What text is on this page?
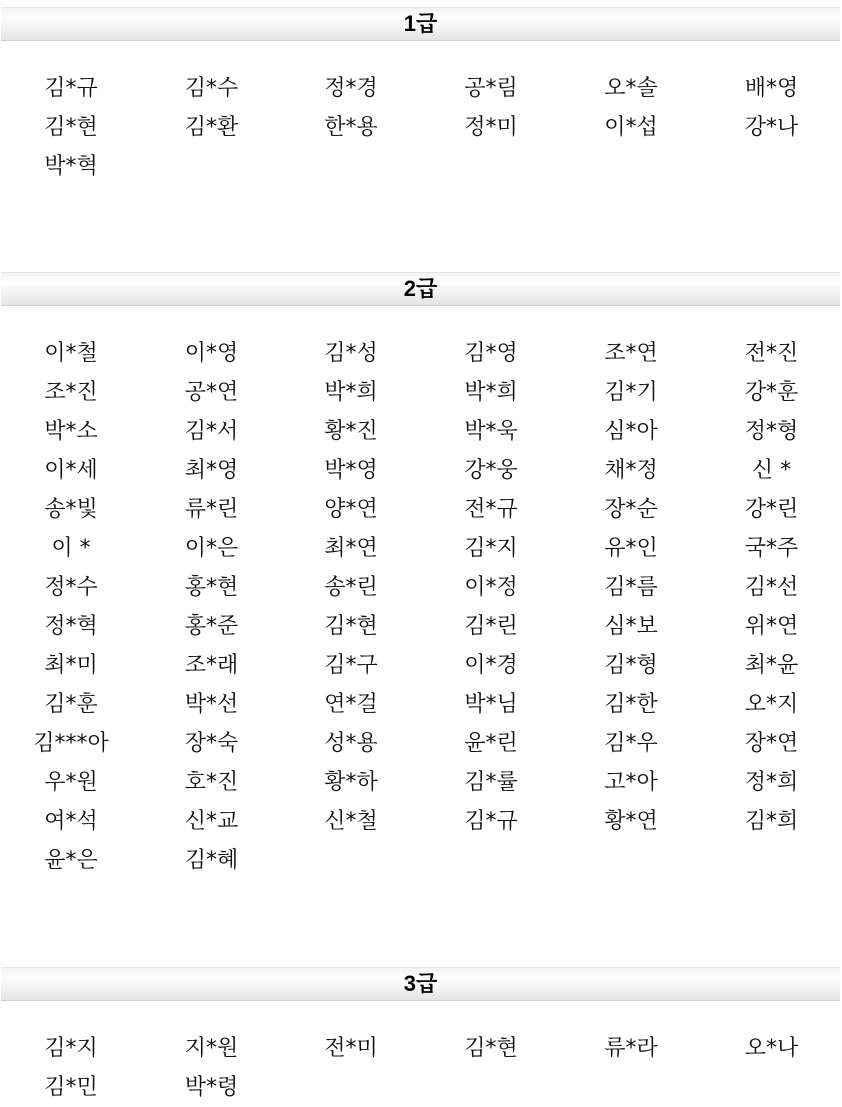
1급
김*규	김*수	정*경	공*림	오*솔	배*영
김*현	김*환	한*용	정*미	이*섭	강*나
박*혁
2급
이*철	이*영	김*성	김*영	조*연	전*진
조*진	공*연	박*희	박*희	김*기	강*훈
박*소	김*서	황*진	박*욱	심*아	정*형
이*세	최*영	박*영	강*웅	채*정	신 *
송*빛	류*린	양*연	전*규	장*순	강*린
이 *	이*은	최*연	김*지	유*인	국*주
정*수	홍*현	송*린	이*정	김*름	김*선
정*혁	홍*준	김*현	김*린	심*보	위*연
최*미	조*래	김*구	이*경	김*형	최*윤
김*훈	박*선	연*걸	박*님	김*한	오*지
김***아	장*숙	성*용	윤*린	김*우	장*연
우*원	호*진	황*하	김*률	고*아	정*희
여*석	신*교	신*철	김*규	황*연	김*희
윤*은	김*혜
3급
김*지	지*원	전*미	김*현	류*라	오*나
김*민	박*령
